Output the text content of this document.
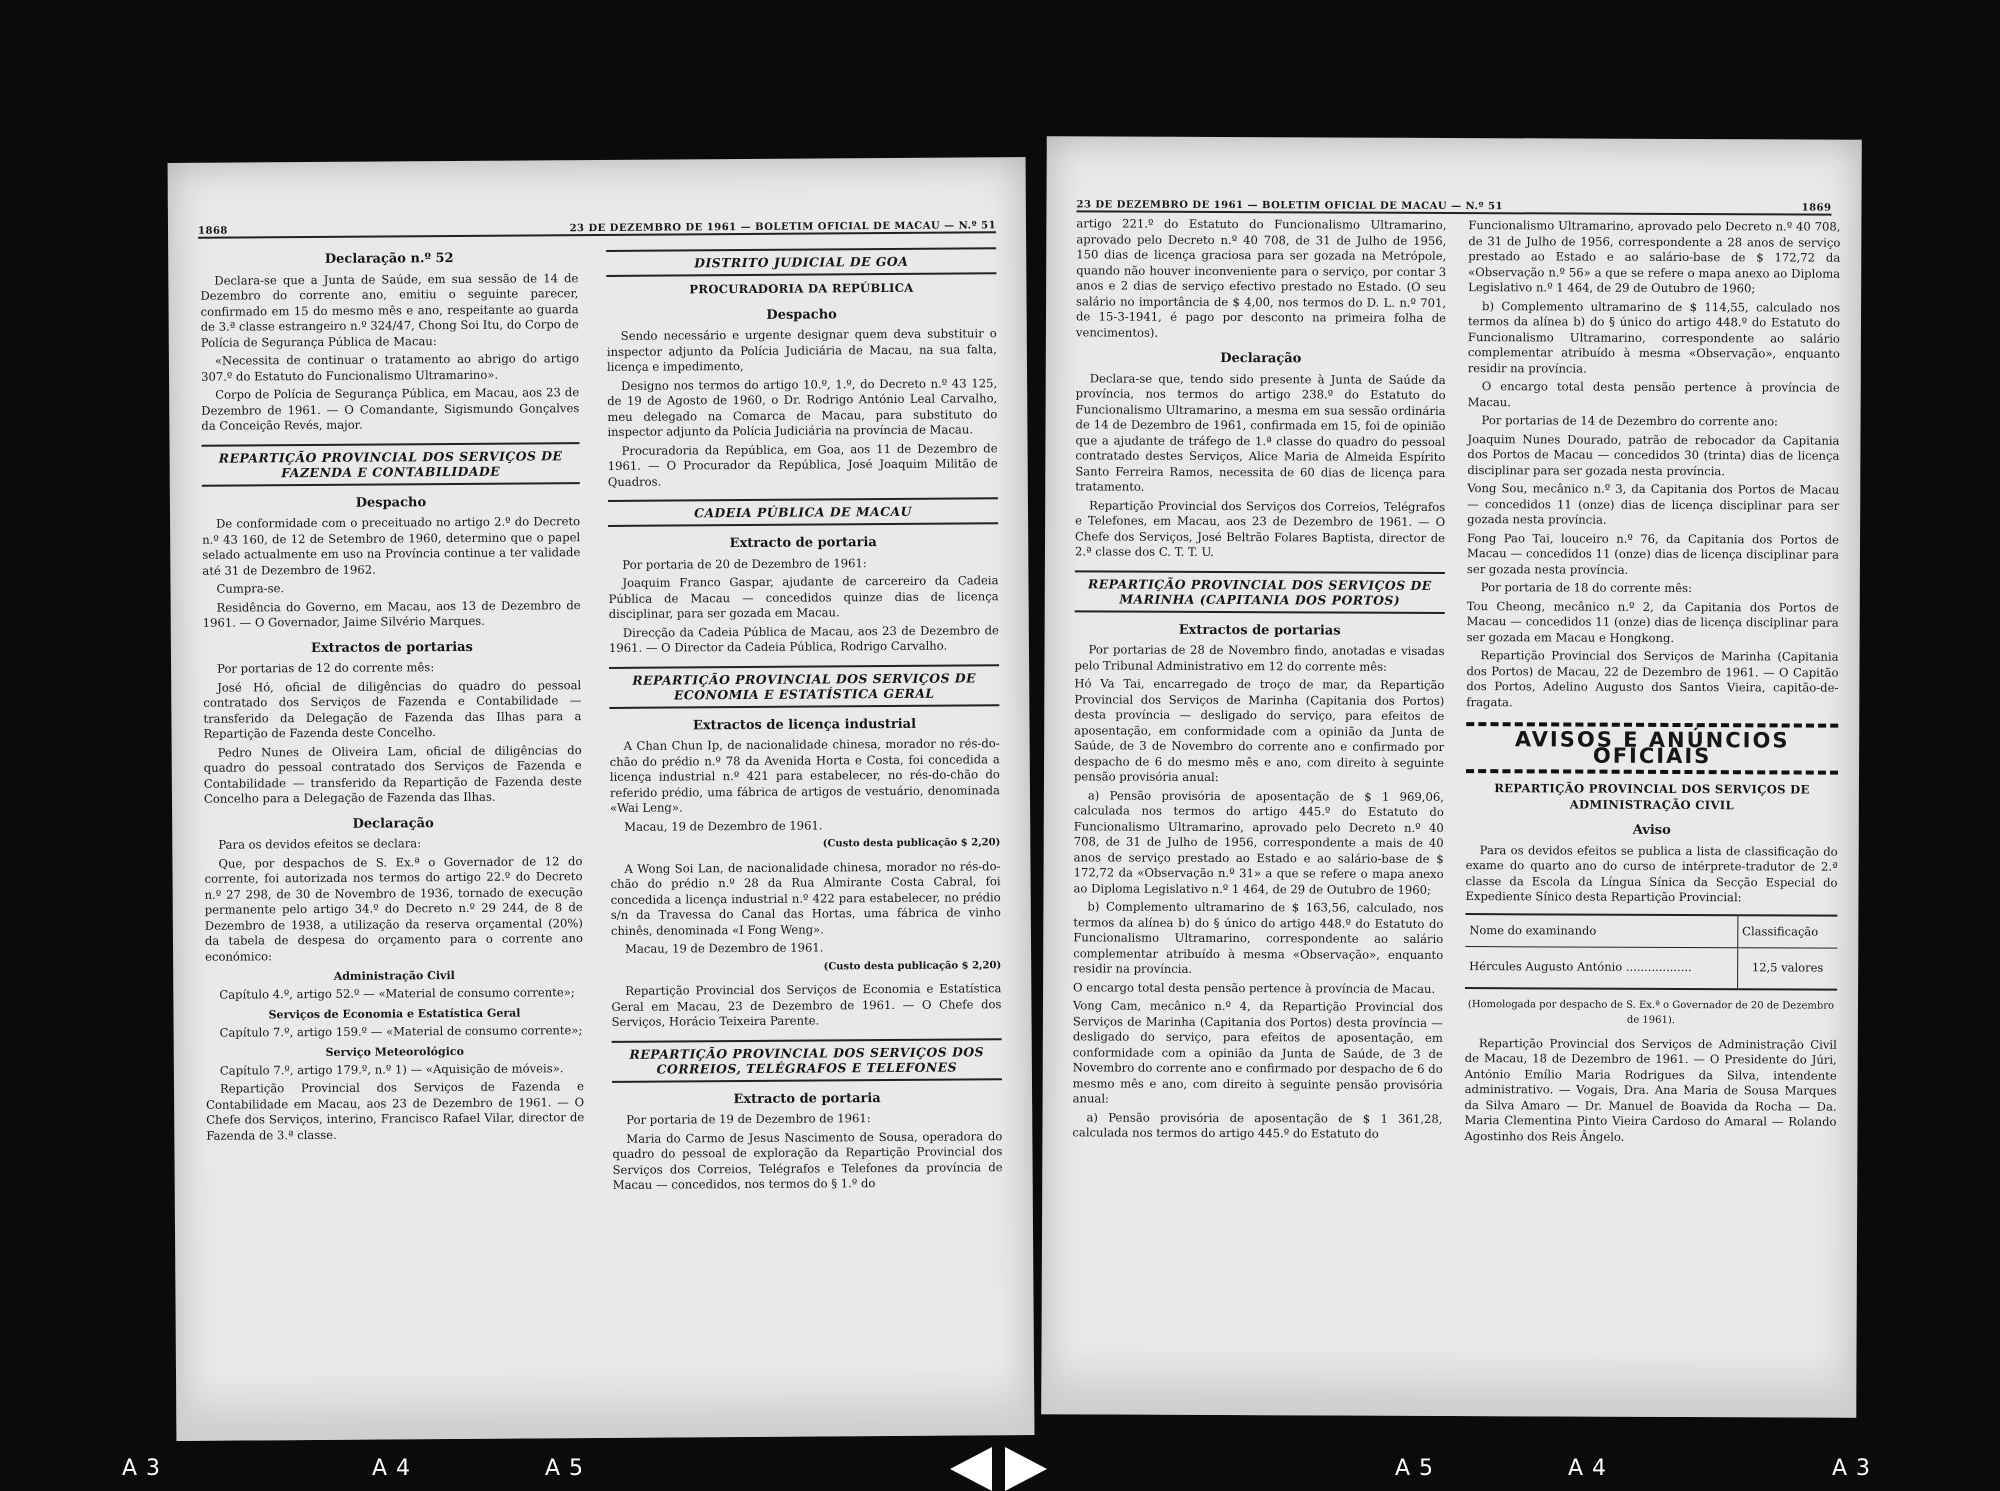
1868	23 DE DEZEMBRO DE 1961 — BOLETIM OFICIAL DE MACAU — N.º 51
Declaração n.º 52

Declara-se que a Junta de Saúde, em sua sessão de 14 de Dezembro do corrente ano, emitiu o seguinte parecer, confirmado em 15 do mesmo mês e ano, respeitante ao guarda de 3.ª classe estrangeiro n.º 324/47, Chong Soi Itu, do Corpo de Polícia de Segurança Pública de Macau:

«Necessita de continuar o tratamento ao abrigo do artigo 307.º do Estatuto do Funcionalismo Ultramarino».

Corpo de Polícia de Segurança Pública, em Macau, aos 23 de Dezembro de 1961. — O Comandante, Sigismundo Gonçalves da Conceição Revés, major.

REPARTIÇÃO PROVINCIAL DOS SERVIÇOS DE FAZENDA E CONTABILIDADE
Despacho

De conformidade com o preceituado no artigo 2.º do Decreto n.º 43 160, de 12 de Setembro de 1960, determino que o papel selado actualmente em uso na Província continue a ter validade até 31 de Dezembro de 1962.

Cumpra-se.

Residência do Governo, em Macau, aos 13 de Dezembro de 1961. — O Governador, Jaime Silvério Marques.

Extractos de portarias

Por portarias de 12 do corrente mês:

José Hó, oficial de diligências do quadro do pessoal contratado dos Serviços de Fazenda e Contabilidade — transferido da Delegação de Fazenda das Ilhas para a Repartição de Fazenda deste Concelho.

Pedro Nunes de Oliveira Lam, oficial de diligências do quadro do pessoal contratado dos Serviços de Fazenda e Contabilidade — transferido da Repartição de Fazenda deste Concelho para a Delegação de Fazenda das Ilhas.

Declaração

Para os devidos efeitos se declara:

Que, por despachos de S. Ex.ª o Governador de 12 do corrente, foi autorizada nos termos do artigo 22.º do Decreto n.º 27 298, de 30 de Novembro de 1936, tornado de execução permanente pelo artigo 34.º do Decreto n.º 29 244, de 8 de Dezembro de 1938, a utilização da reserva orçamental (20%) da tabela de despesa do orçamento para o corrente ano económico:

Administração Civil

Capítulo 4.º, artigo 52.º — «Material de consumo corrente»;

Serviços de Economia e Estatística Geral

Capítulo 7.º, artigo 159.º — «Material de consumo corrente»;

Serviço Meteorológico

Capítulo 7.º, artigo 179.º, n.º 1) — «Aquisição de móveis».

Repartição Provincial dos Serviços de Fazenda e Contabilidade em Macau, aos 23 de Dezembro de 1961. — O Chefe dos Serviços, interino, Francisco Rafael Vilar, director de Fazenda de 3.ª classe.

DISTRITO JUDICIAL DE GOA
PROCURADORIA DA REPÚBLICA
Despacho

Sendo necessário e urgente designar quem deva substituir o inspector adjunto da Polícia Judiciária de Macau, na sua falta, licença e impedimento,

Designo nos termos do artigo 10.º, 1.º, do Decreto n.º 43 125, de 19 de Agosto de 1960, o Dr. Rodrigo António Leal Carvalho, meu delegado na Comarca de Macau, para substituto do inspector adjunto da Polícia Judiciária na província de Macau.

Procuradoria da República, em Goa, aos 11 de Dezembro de 1961. — O Procurador da República, José Joaquim Militão de Quadros.

CADEIA PÚBLICA DE MACAU
Extracto de portaria

Por portaria de 20 de Dezembro de 1961:

Joaquim Franco Gaspar, ajudante de carcereiro da Cadeia Pública de Macau — concedidos quinze dias de licença disciplinar, para ser gozada em Macau.

Direcção da Cadeia Pública de Macau, aos 23 de Dezembro de 1961. — O Director da Cadeia Pública, Rodrigo Carvalho.

REPARTIÇÃO PROVINCIAL DOS SERVIÇOS DE ECONOMIA E ESTATÍSTICA GERAL
Extractos de licença industrial

A Chan Chun Ip, de nacionalidade chinesa, morador no rés-do-chão do prédio n.º 78 da Avenida Horta e Costa, foi concedida a licença industrial n.º 421 para estabelecer, no rés-do-chão do referido prédio, uma fábrica de artigos de vestuário, denominada «Wai Leng».

Macau, 19 de Dezembro de 1961.

(Custo desta publicação $ 2,20)

A Wong Soi Lan, de nacionalidade chinesa, morador no rés-do-chão do prédio n.º 28 da Rua Almirante Costa Cabral, foi concedida a licença industrial n.º 422 para estabelecer, no prédio s/n da Travessa do Canal das Hortas, uma fábrica de vinho chinês, denominada «I Fong Weng».

Macau, 19 de Dezembro de 1961.

(Custo desta publicação $ 2,20)

Repartição Provincial dos Serviços de Economia e Estatística Geral em Macau, 23 de Dezembro de 1961. — O Chefe dos Serviços, Horácio Teixeira Parente.

REPARTIÇÃO PROVINCIAL DOS SERVIÇOS DOS CORREIOS, TELÉGRAFOS E TELEFONES
Extracto de portaria

Por portaria de 19 de Dezembro de 1961:

Maria do Carmo de Jesus Nascimento de Sousa, operadora do quadro do pessoal de exploração da Repartição Provincial dos Serviços dos Correios, Telégrafos e Telefones da província de Macau — concedidos, nos termos do § 1.º do

23 DE DEZEMBRO DE 1961 — BOLETIM OFICIAL DE MACAU — N.º 51	1869

artigo 221.º do Estatuto do Funcionalismo Ultramarino, aprovado pelo Decreto n.º 40 708, de 31 de Julho de 1956, 150 dias de licença graciosa para ser gozada na Metrópole, quando não houver inconveniente para o serviço, por contar 3 anos e 2 dias de serviço efectivo prestado no Estado. (O seu salário no importância de $ 4,00, nos termos do D. L. n.º 701, de 15-3-1941, é pago por desconto na primeira folha de vencimentos).

Declaração

Declara-se que, tendo sido presente à Junta de Saúde da província, nos termos do artigo 238.º do Estatuto do Funcionalismo Ultramarino, a mesma em sua sessão ordinária de 14 de Dezembro de 1961, confirmada em 15, foi de opinião que a ajudante de tráfego de 1.ª classe do quadro do pessoal contratado destes Serviços, Alice Maria de Almeida Espírito Santo Ferreira Ramos, necessita de 60 dias de licença para tratamento.

Repartição Provincial dos Serviços dos Correios, Telégrafos e Telefones, em Macau, aos 23 de Dezembro de 1961. — O Chefe dos Serviços, José Beltrão Folares Baptista, director de 2.ª classe dos C. T. T. U.

REPARTIÇÃO PROVINCIAL DOS SERVIÇOS DE MARINHA (CAPITANIA DOS PORTOS)
Extractos de portarias

Por portarias de 28 de Novembro findo, anotadas e visadas pelo Tribunal Administrativo em 12 do corrente mês:

Hó Va Tai, encarregado de troço de mar, da Repartição Provincial dos Serviços de Marinha (Capitania dos Portos) desta província — desligado do serviço, para efeitos de aposentação, em conformidade com a opinião da Junta de Saúde, de 3 de Novembro do corrente ano e confirmado por despacho de 6 do mesmo mês e ano, com direito à seguinte pensão provisória anual:

a) Pensão provisória de aposentação de $ 1 969,06, calculada nos termos do artigo 445.º do Estatuto do Funcionalismo Ultramarino, aprovado pelo Decreto n.º 40 708, de 31 de Julho de 1956, correspondente a mais de 40 anos de serviço prestado ao Estado e ao salário-base de $ 172,72 da «Observação n.º 31» a que se refere o mapa anexo ao Diploma Legislativo n.º 1 464, de 29 de Outubro de 1960;

b) Complemento ultramarino de $ 163,56, calculado, nos termos da alínea b) do § único do artigo 448.º do Estatuto do Funcionalismo Ultramarino, correspondente ao salário complementar atribuído à mesma «Observação», enquanto residir na província.

O encargo total desta pensão pertence à província de Macau.

Vong Cam, mecânico n.º 4, da Repartição Provincial dos Serviços de Marinha (Capitania dos Portos) desta província — desligado do serviço, para efeitos de aposentação, em conformidade com a opinião da Junta de Saúde, de 3 de Novembro do corrente ano e confirmado por despacho de 6 do mesmo mês e ano, com direito à seguinte pensão provisória anual:

a) Pensão provisória de aposentação de $ 1 361,28, calculada nos termos do artigo 445.º do Estatuto do

Funcionalismo Ultramarino, aprovado pelo Decreto n.º 40 708, de 31 de Julho de 1956, correspondente a 28 anos de serviço prestado ao Estado e ao salário-base de $ 172,72 da «Observação n.º 56» a que se refere o mapa anexo ao Diploma Legislativo n.º 1 464, de 29 de Outubro de 1960;

b) Complemento ultramarino de $ 114,55, calculado nos termos da alínea b) do § único do artigo 448.º do Estatuto do Funcionalismo Ultramarino, correspondente ao salário complementar atribuído à mesma «Observação», enquanto residir na província.

O encargo total desta pensão pertence à província de Macau.

Por portarias de 14 de Dezembro do corrente ano:

Joaquim Nunes Dourado, patrão de rebocador da Capitania dos Portos de Macau — concedidos 30 (trinta) dias de licença disciplinar para ser gozada nesta província.

Vong Sou, mecânico n.º 3, da Capitania dos Portos de Macau — concedidos 11 (onze) dias de licença disciplinar para ser gozada nesta província.

Fong Pao Tai, louceiro n.º 76, da Capitania dos Portos de Macau — concedidos 11 (onze) dias de licença disciplinar para ser gozada nesta província.

Por portaria de 18 do corrente mês:

Tou Cheong, mecânico n.º 2, da Capitania dos Portos de Macau — concedidos 11 (onze) dias de licença disciplinar para ser gozada em Macau e Hongkong.

Repartição Provincial dos Serviços de Marinha (Capitania dos Portos) de Macau, 22 de Dezembro de 1961. — O Capitão dos Portos, Adelino Augusto dos Santos Vieira, capitão-de-fragata.

AVISOS E ANÚNCIOS OFICIAIS
REPARTIÇÃO PROVINCIAL DOS SERVIÇOS DE ADMINISTRAÇÃO CIVIL
Aviso

Para os devidos efeitos se publica a lista de classificação do exame do quarto ano do curso de intérprete-tradutor de 2.ª classe da Escola da Língua Sínica da Secção Especial do Expediente Sínico desta Repartição Provincial:

Nome do examinando	Classificação
Hércules Augusto António ..................	12,5 valores
(Homologada por despacho de S. Ex.ª o Governador de 20 de Dezembro de 1961).

Repartição Provincial dos Serviços de Administração Civil de Macau, 18 de Dezembro de 1961. — O Presidente do Júri, António Emílio Maria Rodrigues da Silva, intendente administrativo. — Vogais, Dra. Ana Maria de Sousa Marques da Silva Amaro — Dr. Manuel de Boavida da Rocha — Da. Maria Clementina Pinto Vieira Cardoso do Amaral — Rolando Agostinho dos Reis Ângelo.

A 3	A 4	A 5	A 5	A 4	A 3
